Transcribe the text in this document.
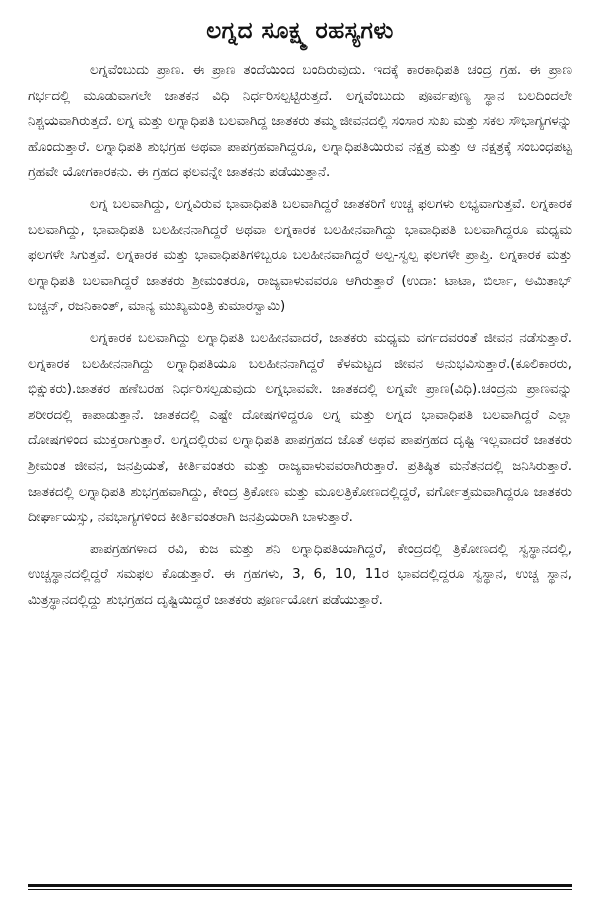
ಲಗ್ನದ ಸೂಕ್ಷ್ಮ ರಹಸ್ಯಗಳು

ಲಗ್ನವೆಂಬುದು ಪ್ರಾಣ. ಈ ಪ್ರಾಣ ತಂದೆಯಿಂದ ಬಂದಿರುವುದು. ಇದಕ್ಕೆ ಕಾರಕಾಧಿಪತಿ ಚಂದ್ರ ಗ್ರಹ. ಈ ಪ್ರಾಣ ಗರ್ಭದಲ್ಲಿ ಮೂಡುವಾಗಲೇ ಜಾತಕನ ವಿಧಿ ನಿರ್ಧರಿಸಲ್ಪಟ್ಟಿರುತ್ತದೆ. ಲಗ್ನವೆಂಬುದು ಪೂರ್ವಪುಣ್ಯ ಸ್ಥಾನ ಬಲದಿಂದಲೇ ನಿಶ್ಚಯವಾಗಿರುತ್ತದೆ. ಲಗ್ನ ಮತ್ತು ಲಗ್ನಾಧಿಪತಿ ಬಲವಾಗಿದ್ದ ಜಾತಕರು ತಮ್ಮ ಜೀವನದಲ್ಲಿ ಸಂಸಾರ ಸುಖ ಮತ್ತು ಸಕಲ ಸೌಭಾಗ್ಯಗಳನ್ನು ಹೊಂದುತ್ತಾರೆ. ಲಗ್ನಾಧಿಪತಿ ಶುಭಗ್ರಹ ಅಥವಾ ಪಾಪಗ್ರಹವಾಗಿದ್ದರೂ, ಲಗ್ನಾಧಿಪತಿಯಿರುವ ನಕ್ಷತ್ರ ಮತ್ತು ಆ ನಕ್ಷತ್ರಕ್ಕೆ ಸಂಬಂಧಪಟ್ಟ ಗ್ರಹವೇ ಯೋಗಕಾರಕನು. ಈ ಗ್ರಹದ ಫಲವನ್ನೇ ಜಾತಕನು ಪಡೆಯುತ್ತಾನೆ.

ಲಗ್ನ ಬಲವಾಗಿದ್ದು, ಲಗ್ನವಿರುವ ಭಾವಾಧಿಪತಿ ಬಲವಾಗಿದ್ದರೆ ಜಾತಕರಿಗೆ ಉಚ್ಚ ಫಲಗಳು ಲಭ್ಯವಾಗುತ್ತವೆ. ಲಗ್ನಕಾರಕ ಬಲವಾಗಿದ್ದು, ಭಾವಾಧಿಪತಿ ಬಲಹೀನನಾಗಿದ್ದರೆ ಅಥವಾ ಲಗ್ನಕಾರಕ ಬಲಹೀನವಾಗಿದ್ದು ಭಾವಾಧಿಪತಿ ಬಲವಾಗಿದ್ದರೂ ಮಧ್ಯಮ ಫಲಗಳೇ ಸಿಗುತ್ತವೆ. ಲಗ್ನಕಾರಕ ಮತ್ತು ಭಾವಾಧಿಪತಿಗಳಿಬ್ಬರೂ ಬಲಹೀನವಾಗಿದ್ದರೆ ಅಲ್ಪ-ಸ್ವಲ್ಪ ಫಲಗಳೇ ಪ್ರಾಪ್ತಿ. ಲಗ್ನಕಾರಕ ಮತ್ತು ಲಗ್ನಾಧಿಪತಿ ಬಲವಾಗಿದ್ದರೆ ಜಾತಕರು ಶ್ರೀಮಂತರೂ, ರಾಜ್ಯವಾಳುವವರೂ ಆಗಿರುತ್ತಾರೆ (ಉದಾ: ಟಾಟಾ, ಬಿರ್ಲಾ, ಅಮಿತಾಭ್ ಬಚ್ಚನ್, ರಜನಿಕಾಂತ್, ಮಾನ್ಯ ಮುಖ್ಯಮಂತ್ರಿ ಕುಮಾರಸ್ವಾಮಿ)

ಲಗ್ನಕಾರಕ ಬಲವಾಗಿದ್ದು ಲಗ್ನಾಧಿಪತಿ ಬಲಹೀನವಾದರೆ, ಜಾತಕರು ಮಧ್ಯಮ ವರ್ಗದವರಂತೆ ಜೀವನ ನಡೆಸುತ್ತಾರೆ. ಲಗ್ನಕಾರಕ ಬಲಹೀನನಾಗಿದ್ದು ಲಗ್ನಾಧಿಪತಿಯೂ ಬಲಹೀನನಾಗಿದ್ದರೆ ಕೆಳಮಟ್ಟದ ಜೀವನ ಅನುಭವಿಸುತ್ತಾರೆ.(ಕೂಲಿಕಾರರು, ಭಿಕ್ಷುಕರು).ಜಾತಕರ ಹಣೆಬರಹ ನಿರ್ಧರಿಸಲ್ಪಡುವುದು ಲಗ್ನಭಾವವೇ. ಜಾತಕದಲ್ಲಿ ಲಗ್ನವೇ ಪ್ರಾಣ(ವಿಧಿ).ಚಂದ್ರನು ಪ್ರಾಣವನ್ನು ಶರೀರದಲ್ಲಿ ಕಾಪಾಡುತ್ತಾನೆ. ಜಾತಕದಲ್ಲಿ ಎಷ್ಟೇ ದೋಷಗಳಿದ್ದರೂ ಲಗ್ನ ಮತ್ತು ಲಗ್ನದ ಭಾವಾಧಿಪತಿ ಬಲವಾಗಿದ್ದರೆ ಎಲ್ಲಾ ದೋಷಗಳಿಂದ ಮುಕ್ತರಾಗುತ್ತಾರೆ. ಲಗ್ನದಲ್ಲಿರುವ ಲಗ್ನಾಧಿಪತಿ ಪಾಪಗ್ರಹದ ಜೊತೆ ಅಥವ ಪಾಪಗ್ರಹದ ದೃಷ್ಟಿ ಇಲ್ಲವಾದರೆ ಜಾತಕರು ಶ್ರೀಮಂತ ಜೀವನ, ಜನಪ್ರಿಯತೆ, ಕೀರ್ತಿವಂತರು ಮತ್ತು ರಾಜ್ಯವಾಳುವವರಾಗಿರುತ್ತಾರೆ. ಪ್ರತಿಷ್ಠಿತ ಮನೆತನದಲ್ಲಿ ಜನಿಸಿರುತ್ತಾರೆ. ಜಾತಕದಲ್ಲಿ ಲಗ್ನಾಧಿಪತಿ ಶುಭಗ್ರಹವಾಗಿದ್ದು, ಕೇಂದ್ರ ತ್ರಿಕೋಣ ಮತ್ತು ಮೂಲತ್ರಿಕೋಣದಲ್ಲಿದ್ದರೆ, ವರ್ಗೋತ್ತಮವಾಗಿದ್ದರೂ ಜಾತಕರು ದೀರ್ಘಾಯಸ್ಸು, ನವಭಾಗ್ಯಗಳಿಂದ ಕೀರ್ತಿವಂತರಾಗಿ ಜನಪ್ರಿಯರಾಗಿ ಬಾಳುತ್ತಾರೆ.

ಪಾಪಗ್ರಹಗಳಾದ ರವಿ, ಕುಜ ಮತ್ತು ಶನಿ ಲಗ್ನಾಧಿಪತಿಯಾಗಿದ್ದರೆ, ಕೇಂದ್ರದಲ್ಲಿ ತ್ರಿಕೋಣದಲ್ಲಿ ಸ್ವಸ್ಥಾನದಲ್ಲಿ, ಉಚ್ಚಸ್ಥಾನದಲ್ಲಿದ್ದರೆ ಸಮಫಲ ಕೊಡುತ್ತಾರೆ. ಈ ಗ್ರಹಗಳು, 3, 6, 10, 11ರ ಭಾವದಲ್ಲಿದ್ದರೂ ಸ್ವಸ್ಥಾನ, ಉಚ್ಚ ಸ್ಥಾನ, ಮಿತ್ರಸ್ಥಾನದಲ್ಲಿದ್ದು ಶುಭಗ್ರಹದ ದೃಷ್ಟಿಯಿದ್ದರೆ ಜಾತಕರು ಪೂರ್ಣಯೋಗ ಪಡೆಯುತ್ತಾರೆ.
